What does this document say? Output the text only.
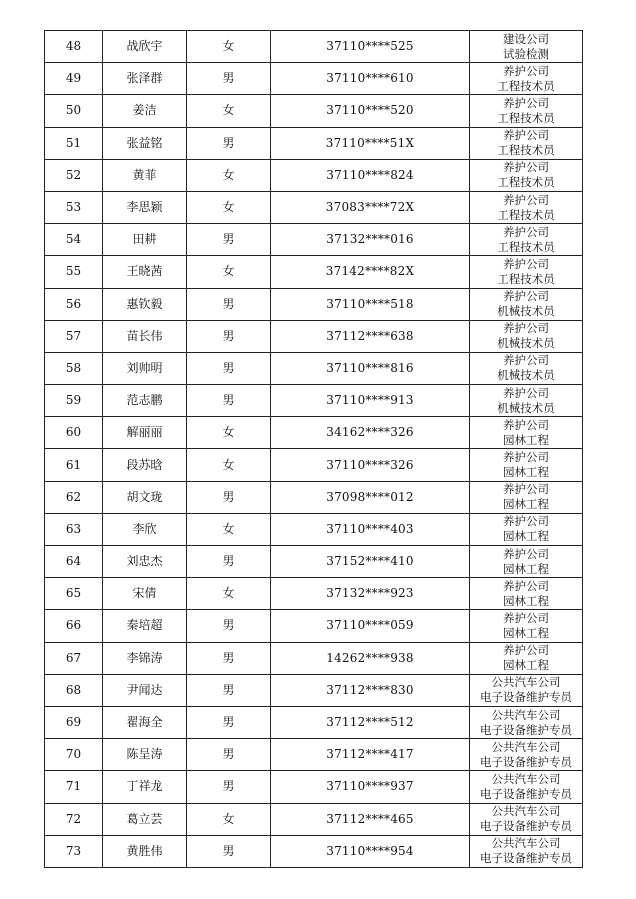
48	战欣宇	女	37110****525	建设公司
试验检测

49	张泽群	男	37110****610	养护公司
工程技术员

50	姜洁	女	37110****520	养护公司
工程技术员

51	张益铭	男	37110****51X	养护公司
工程技术员

52	黄菲	女	37110****824	养护公司
工程技术员

53	李思颖	女	37083****72X	养护公司
工程技术员

54	田耕	男	37132****016	养护公司
工程技术员

55	王晓茜	女	37142****82X	养护公司
工程技术员

56	惠钦毅	男	37110****518	养护公司
机械技术员

57	苗长伟	男	37112****638	养护公司
机械技术员

58	刘帅明	男	37110****816	养护公司
机械技术员

59	范志鹏	男	37110****913	养护公司
机械技术员

60	解丽丽	女	34162****326	养护公司
园林工程

61	段苏晗	女	37110****326	养护公司
园林工程

62	胡文珑	男	37098****012	养护公司
园林工程

63	李欣	女	37110****403	养护公司
园林工程

64	刘忠杰	男	37152****410	养护公司
园林工程

65	宋倩	女	37132****923	养护公司
园林工程

66	秦培超	男	37110****059	养护公司
园林工程

67	李锦涛	男	14262****938	养护公司
园林工程

68	尹闻达	男	37112****830	公共汽车公司
电子设备维护专员

69	翟海全	男	37112****512	公共汽车公司
电子设备维护专员

70	陈呈涛	男	37112****417	公共汽车公司
电子设备维护专员

71	丁祥龙	男	37110****937	公共汽车公司
电子设备维护专员

72	葛立芸	女	37112****465	公共汽车公司
电子设备维护专员

73	黄胜伟	男	37110****954	公共汽车公司
电子设备维护专员
